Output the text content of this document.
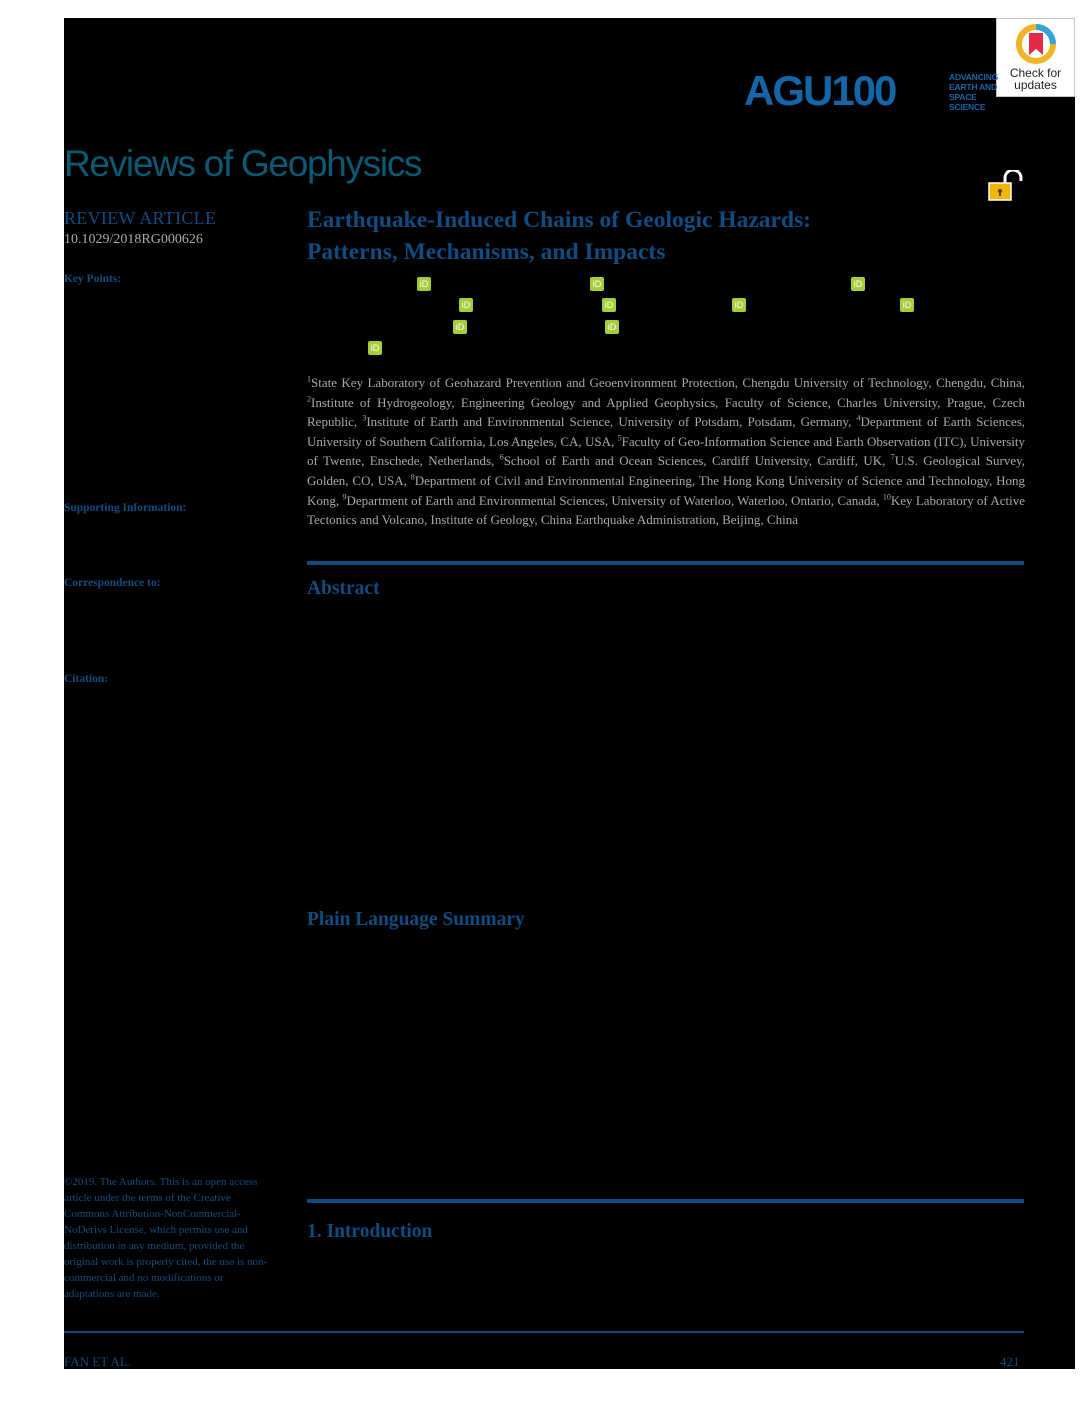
Check for
updates
AGU100	ADVANCING
EARTH AND
SPACE SCIENCE
Reviews of Geophysics
REVIEW ARTICLE
10.1029/2018RG000626
Key Points:
Supporting Information:
Correspondence to:
Citation:
©2019. The Authors. This is an open access article under the terms of the Creative Commons Attribution-NonCommercial-NoDerivs License, which permits use and distribution in any medium, provided the original work is properly cited, the use is non-commercial and no modifications or adaptations are made.
Earthquake-Induced Chains of Geologic Hazards:
Patterns, Mechanisms, and Impacts
iD	iD	iD
iD	iD	iD	iD
iD	iD
iD
$^1$State Key Laboratory of Geohazard Prevention and Geoenvironment Protection, Chengdu University of Technology, Chengdu, China, $^2$Institute of Hydrogeology, Engineering Geology and Applied Geophysics, Faculty of Science, Charles University, Prague, Czech Republic, $^3$Institute of Earth and Environmental Science, University of Potsdam, Potsdam, Germany, $^4$Department of Earth Sciences, University of Southern California, Los Angeles, CA, USA, $^5$Faculty of Geo-Information Science and Earth Observation (ITC), University of Twente, Enschede, Netherlands, $^6$School of Earth and Ocean Sciences, Cardiff University, Cardiff, UK, $^7$U.S. Geological Survey, Golden, CO, USA, $^8$Department of Civil and Environmental Engineering, The Hong Kong University of Science and Technology, Hong Kong, $^9$Department of Earth and Environmental Sciences, University of Waterloo, Waterloo, Ontario, Canada, $^{10}$Key Laboratory of Active Tectonics and Volcano, Institute of Geology, China Earthquake Administration, Beijing, China
Abstract
Plain Language Summary
1. Introduction
FAN ET AL.	421
